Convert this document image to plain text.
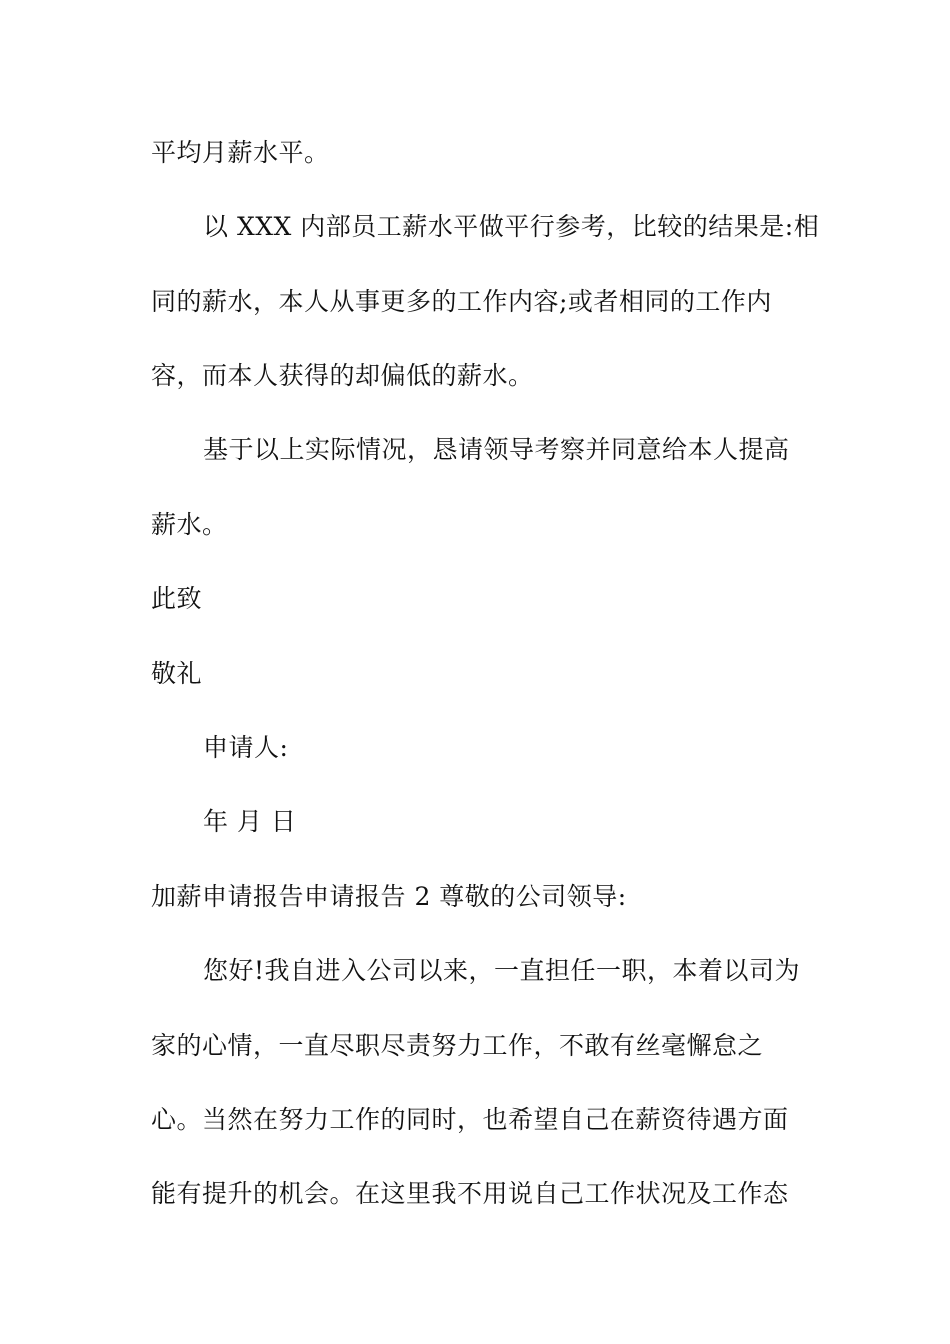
平均月薪水平。
以 XXX 内部员工薪水平做平行参考，比较的结果是:相
同的薪水，本人从事更多的工作内容;或者相同的工作内
容，而本人获得的却偏低的薪水。
基于以上实际情况，恳请领导考察并同意给本人提高
薪水。
此致
敬礼
申请人:
年 月 日
加薪申请报告申请报告 2 尊敬的公司领导:
您好!我自进入公司以来，一直担任一职，本着以司为
家的心情，一直尽职尽责努力工作，不敢有丝毫懈怠之
心。当然在努力工作的同时，也希望自己在薪资待遇方面
能有提升的机会。在这里我不用说自己工作状况及工作态
